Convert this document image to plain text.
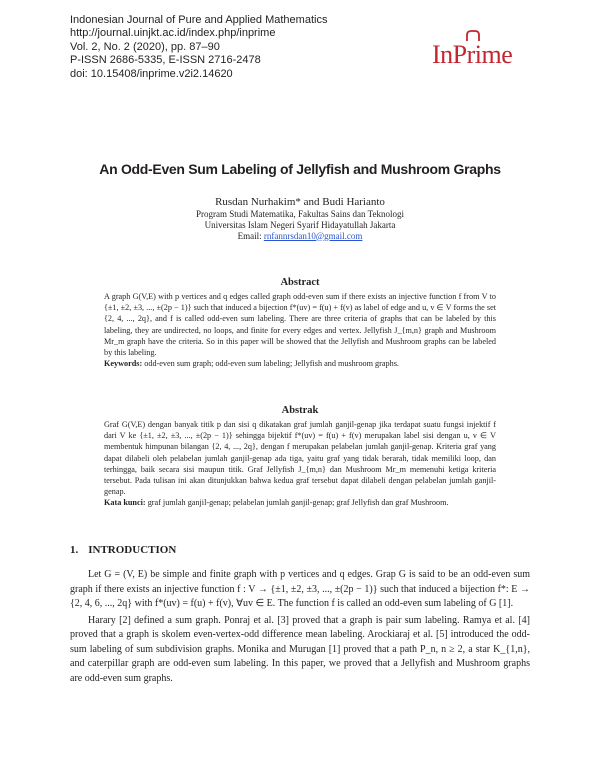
Indonesian Journal of Pure and Applied Mathematics
http://journal.uinjkt.ac.id/index.php/inprime
Vol. 2, No. 2 (2020), pp. 87–90
P-ISSN 2686-5335, E-ISSN 2716-2478
doi: 10.15408/inprime.v2i2.14620
InPrime
An Odd-Even Sum Labeling of Jellyfish and Mushroom Graphs
Rusdan Nurhakim* and Budi Harianto
Program Studi Matematika, Fakultas Sains dan Teknologi
Universitas Islam Negeri Syarif Hidayatullah Jakarta
Email: rnfannrsdan10@gmail.com
Abstract
A graph G(V,E) with p vertices and q edges called graph odd-even sum if there exists an injective function f from V to {±1, ±2, ±3, ..., ±(2p − 1)} such that induced a bijection f*(uv) = f(u) + f(v) as label of edge and u, v ∈ V forms the set {2, 4, ..., 2q}, and f is called odd-even sum labeling. There are three criteria of graphs that can be labeled by this labeling, they are undirected, no loops, and finite for every edges and vertex. Jellyfish J_{m,n} graph and Mushroom Mr_m graph have the criteria. So in this paper will be showed that the Jellyfish and Mushroom graphs can be labeled by this labeling.
Keywords: odd-even sum graph; odd-even sum labeling; Jellyfish and mushroom graphs.
Abstrak
Graf G(V,E) dengan banyak titik p dan sisi q dikatakan graf jumlah ganjil-genap jika terdapat suatu fungsi injektif f dari V ke {±1, ±2, ±3, ..., ±(2p − 1)} sehingga bijektif f*(uv) = f(u) + f(v) merupakan label sisi dengan u, v ∈ V membentuk himpunan bilangan {2, 4, ..., 2q}, dengan f merupakan pelabelan jumlah ganjil-genap. Kriteria graf yang dapat dilabeli oleh pelabelan jumlah ganjil-genap ada tiga, yaitu graf yang tidak berarah, tidak memiliki loop, dan terhingga, baik secara sisi maupun titik. Graf Jellyfish J_{m,n} dan Mushroom Mr_m memenuhi ketiga kriteria tersebut. Pada tulisan ini akan ditunjukkan bahwa kedua graf tersebut dapat dilabeli dengan pelabelan jumlah ganjil-genap.
Kata kunci: graf jumlah ganjil-genap; pelabelan jumlah ganjil-genap; graf Jellyfish dan graf Mushroom.
1. INTRODUCTION

Let G = (V, E) be simple and finite graph with p vertices and q edges. Grap G is said to be an odd-even sum graph if there exists an injective function f : V → {±1, ±2, ±3, ..., ±(2p − 1)} such that induced a bijection f*: E → {2, 4, 6, ..., 2q} with f*(uv) = f(u) + f(v), ∀uv ∈ E. The function f is called an odd-even sum labeling of G [1].

Harary [2] defined a sum graph. Ponraj et al. [3] proved that a graph is pair sum labeling. Ramya et al. [4] proved that a graph is skolem even-vertex-odd difference mean labeling. Arockiaraj et al. [5] introduced the odd-sum labeling of sum subdivision graphs. Monika and Murugan [1] proved that a path P_n, n ≥ 2, a star K_{1,n}, and caterpillar graph are odd-even sum labeling. In this paper, we proved that a Jellyfish and Mushroom graphs are odd-even sum graphs.
